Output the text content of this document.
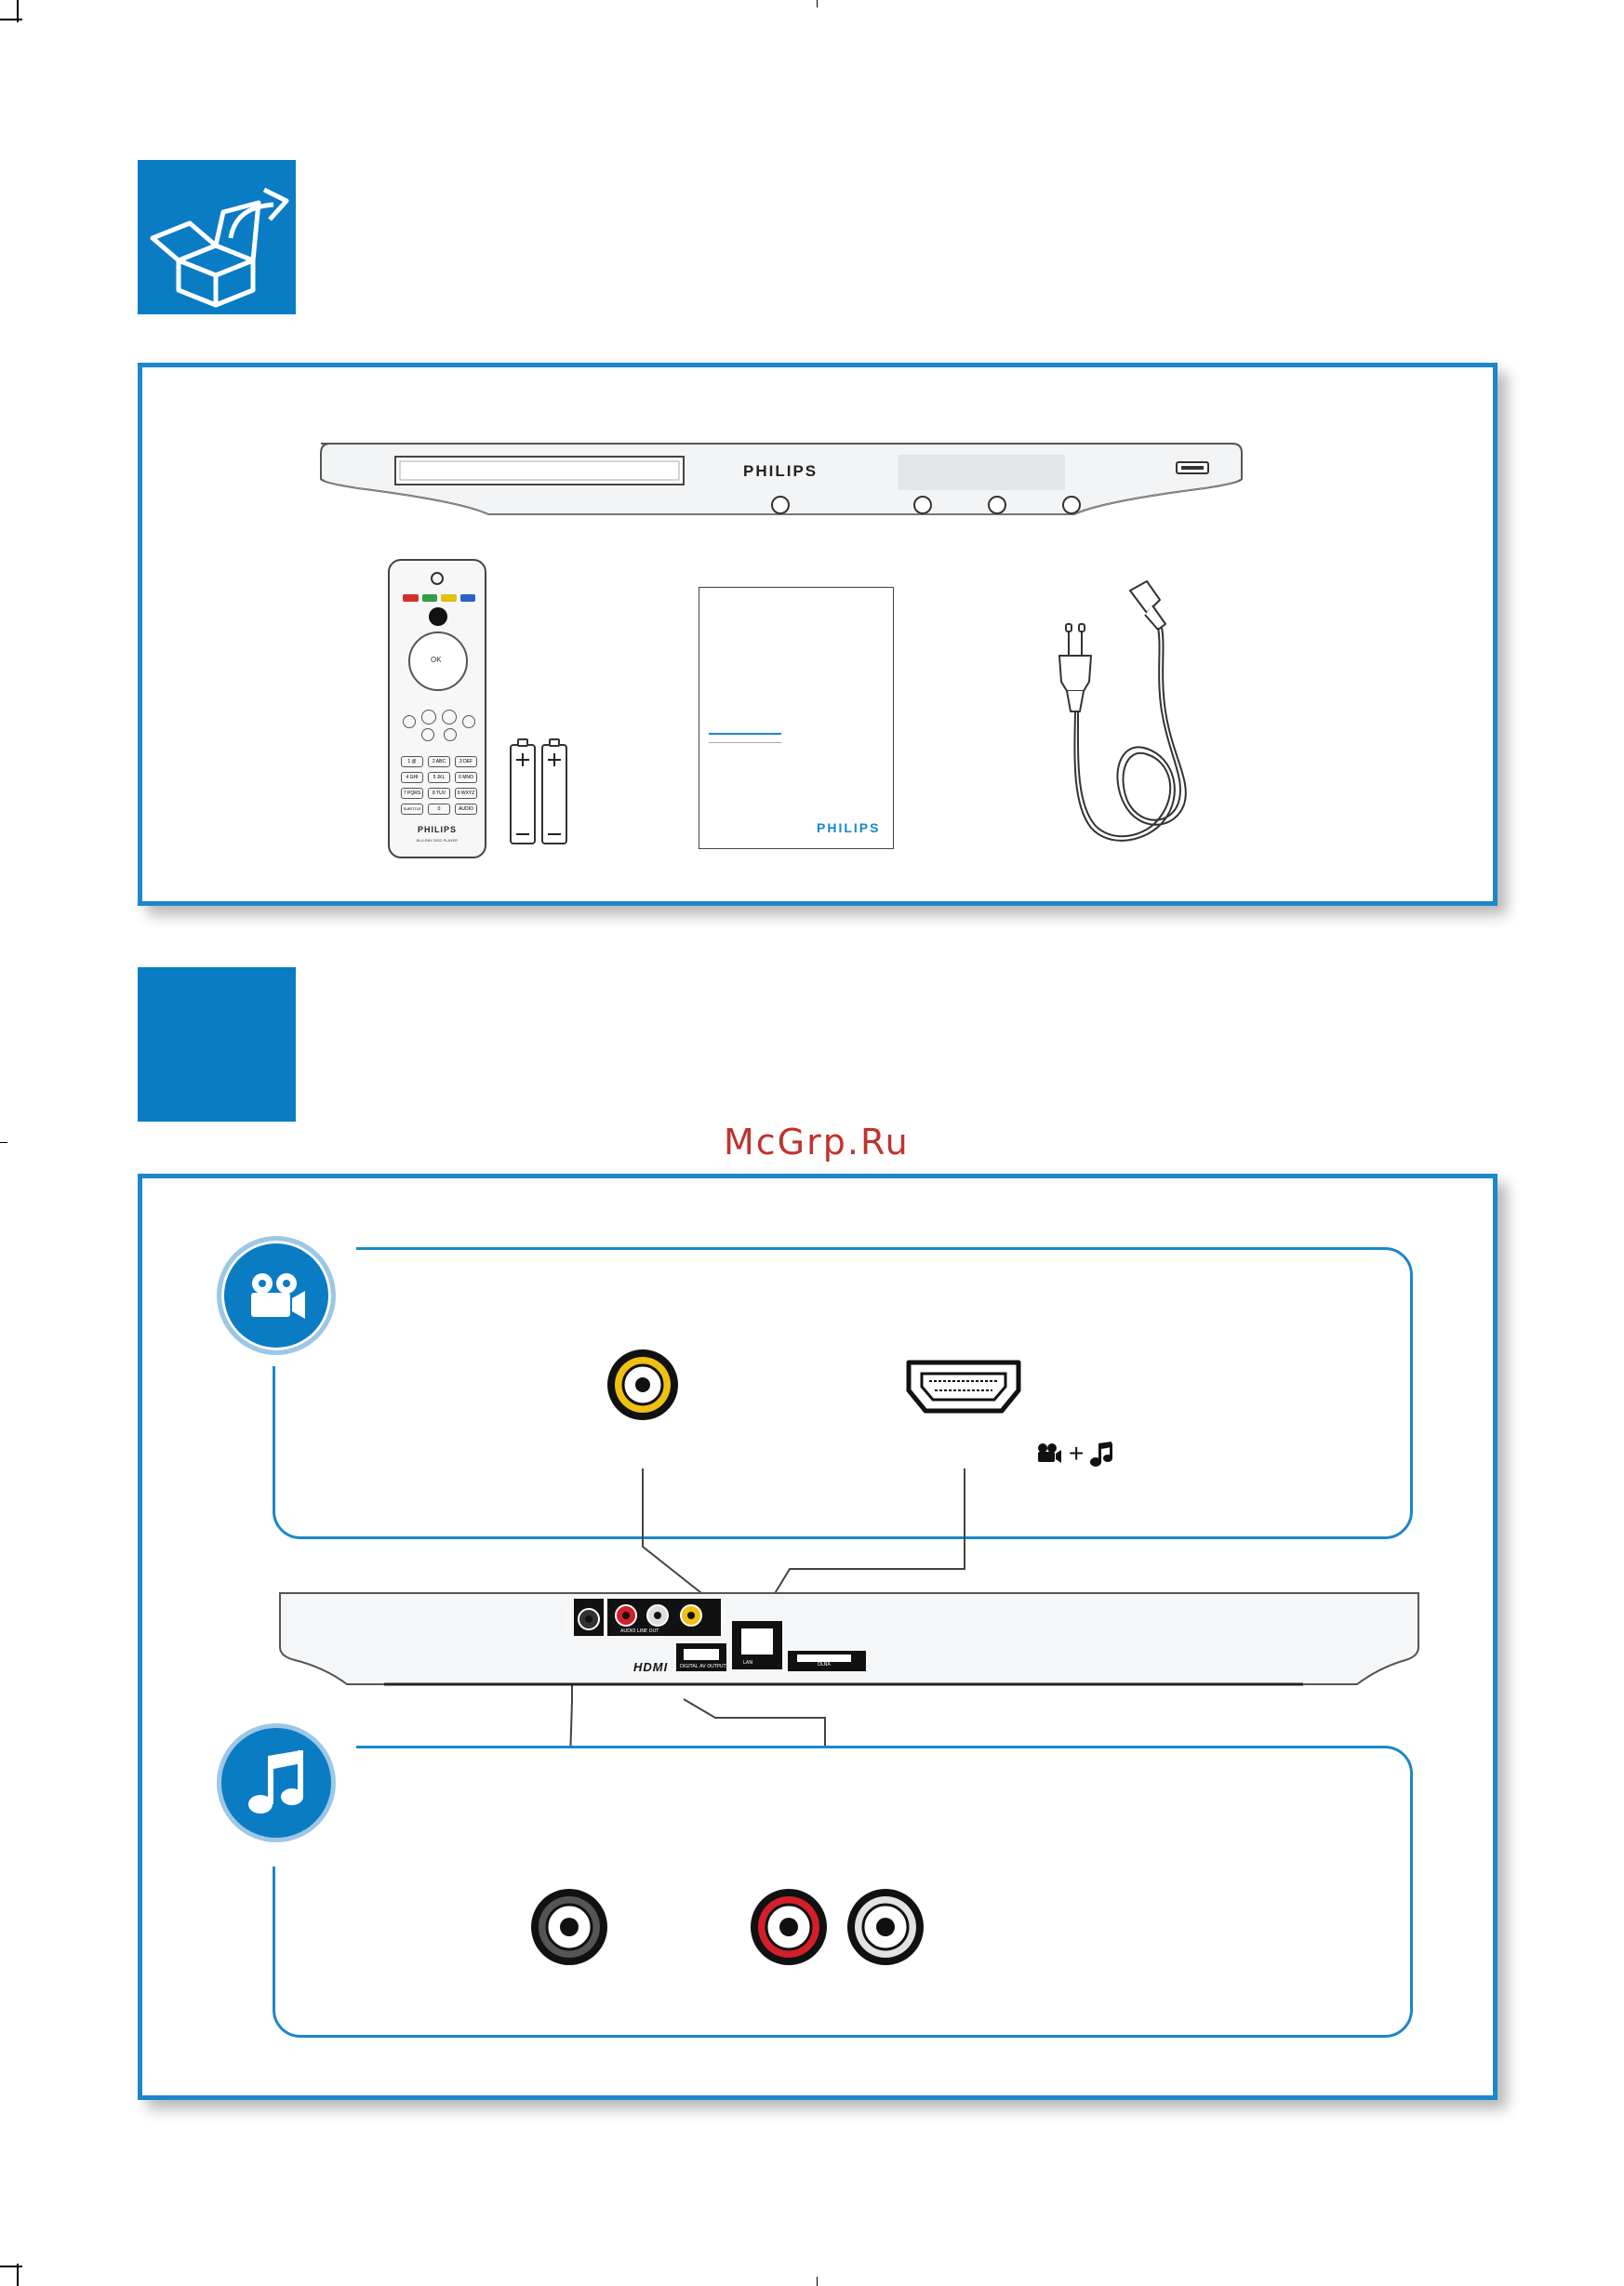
PHILIPS
OK
1 @	2 ABC	3 DEF
4 GHI	5 JKL	6 MNO
7 PQRS	8 TUV	9 WXYZ
SUBTITLE	0	AUDIO
PHILIPS
BLU-RAY DISC PLAYER
PHILIPS
McGrp.Ru
+
COAXIAL
AUDIO LINE OUT
VIDEO
HDMI	DIGITAL AV OUTPUT
LAN	DLNA
